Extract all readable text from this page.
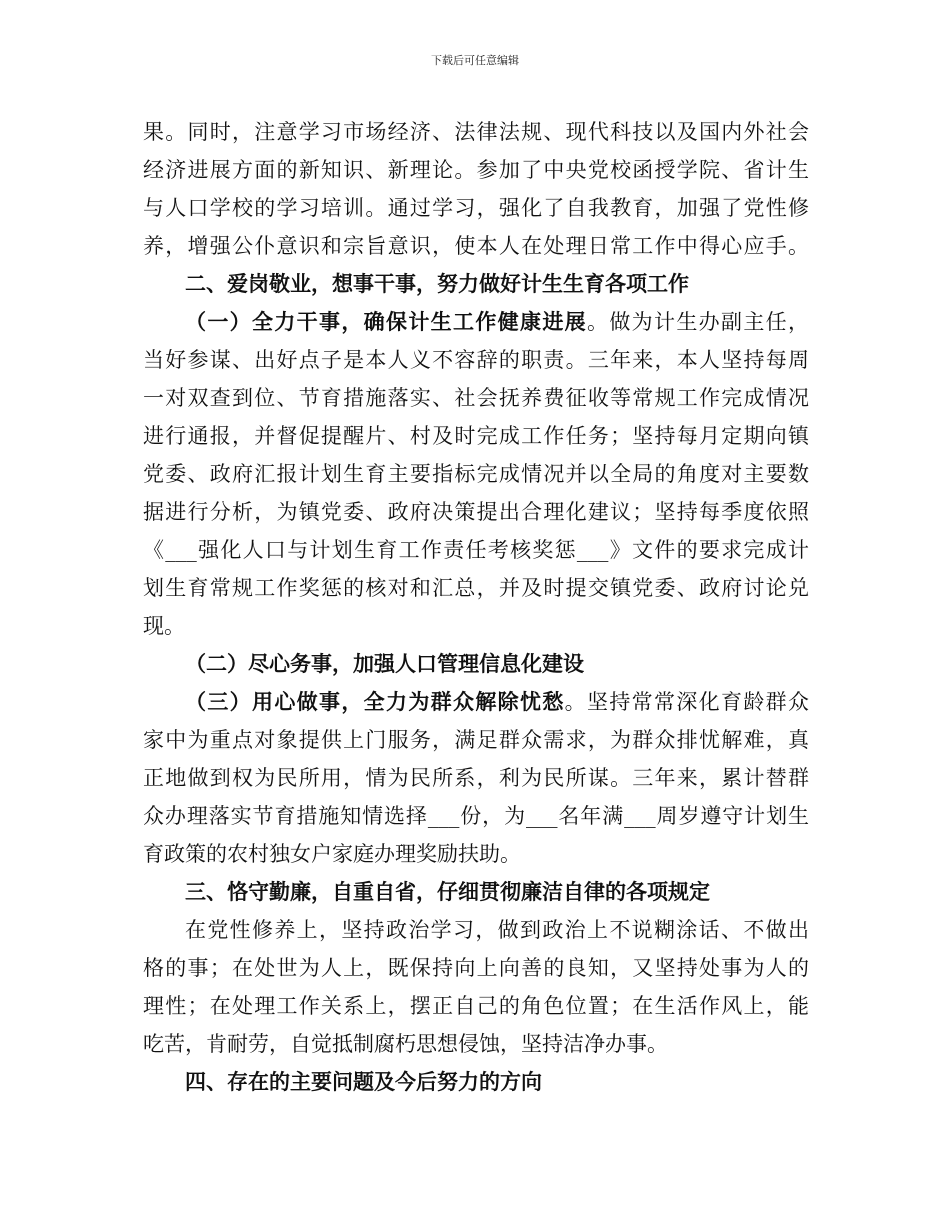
下载后可任意编辑
果。同时，注意学习市场经济、法律法规、现代科技以及国内外社会
经济进展方面的新知识、新理论。参加了中央党校函授学院、省计生
与人口学校的学习培训。通过学习，强化了自我教育，加强了党性修
养，增强公仆意识和宗旨意识，使本人在处理日常工作中得心应手。
二、爱岗敬业，想事干事，努力做好计生生育各项工作
（一）全力干事，确保计生工作健康进展。做为计生办副主任，
当好参谋、出好点子是本人义不容辞的职责。三年来，本人坚持每周
一对双查到位、节育措施落实、社会抚养费征收等常规工作完成情况
进行通报，并督促提醒片、村及时完成工作任务；坚持每月定期向镇
党委、政府汇报计划生育主要指标完成情况并以全局的角度对主要数
据进行分析，为镇党委、政府决策提出合理化建议；坚持每季度依照
《___强化人口与计划生育工作责任考核奖惩___》文件的要求完成计
划生育常规工作奖惩的核对和汇总，并及时提交镇党委、政府讨论兑
现。
（二）尽心务事，加强人口管理信息化建设
（三）用心做事，全力为群众解除忧愁。坚持常常深化育龄群众
家中为重点对象提供上门服务，满足群众需求，为群众排忧解难，真
正地做到权为民所用，情为民所系，利为民所谋。三年来，累计替群
众办理落实节育措施知情选择___份，为___名年满___周岁遵守计划生
育政策的农村独女户家庭办理奖励扶助。
三、恪守勤廉，自重自省，仔细贯彻廉洁自律的各项规定
在党性修养上，坚持政治学习，做到政治上不说糊涂话、不做出
格的事；在处世为人上，既保持向上向善的良知，又坚持处事为人的
理性；在处理工作关系上，摆正自己的角色位置；在生活作风上，能
吃苦，肯耐劳，自觉抵制腐朽思想侵蚀，坚持洁净办事。
四、存在的主要问题及今后努力的方向
